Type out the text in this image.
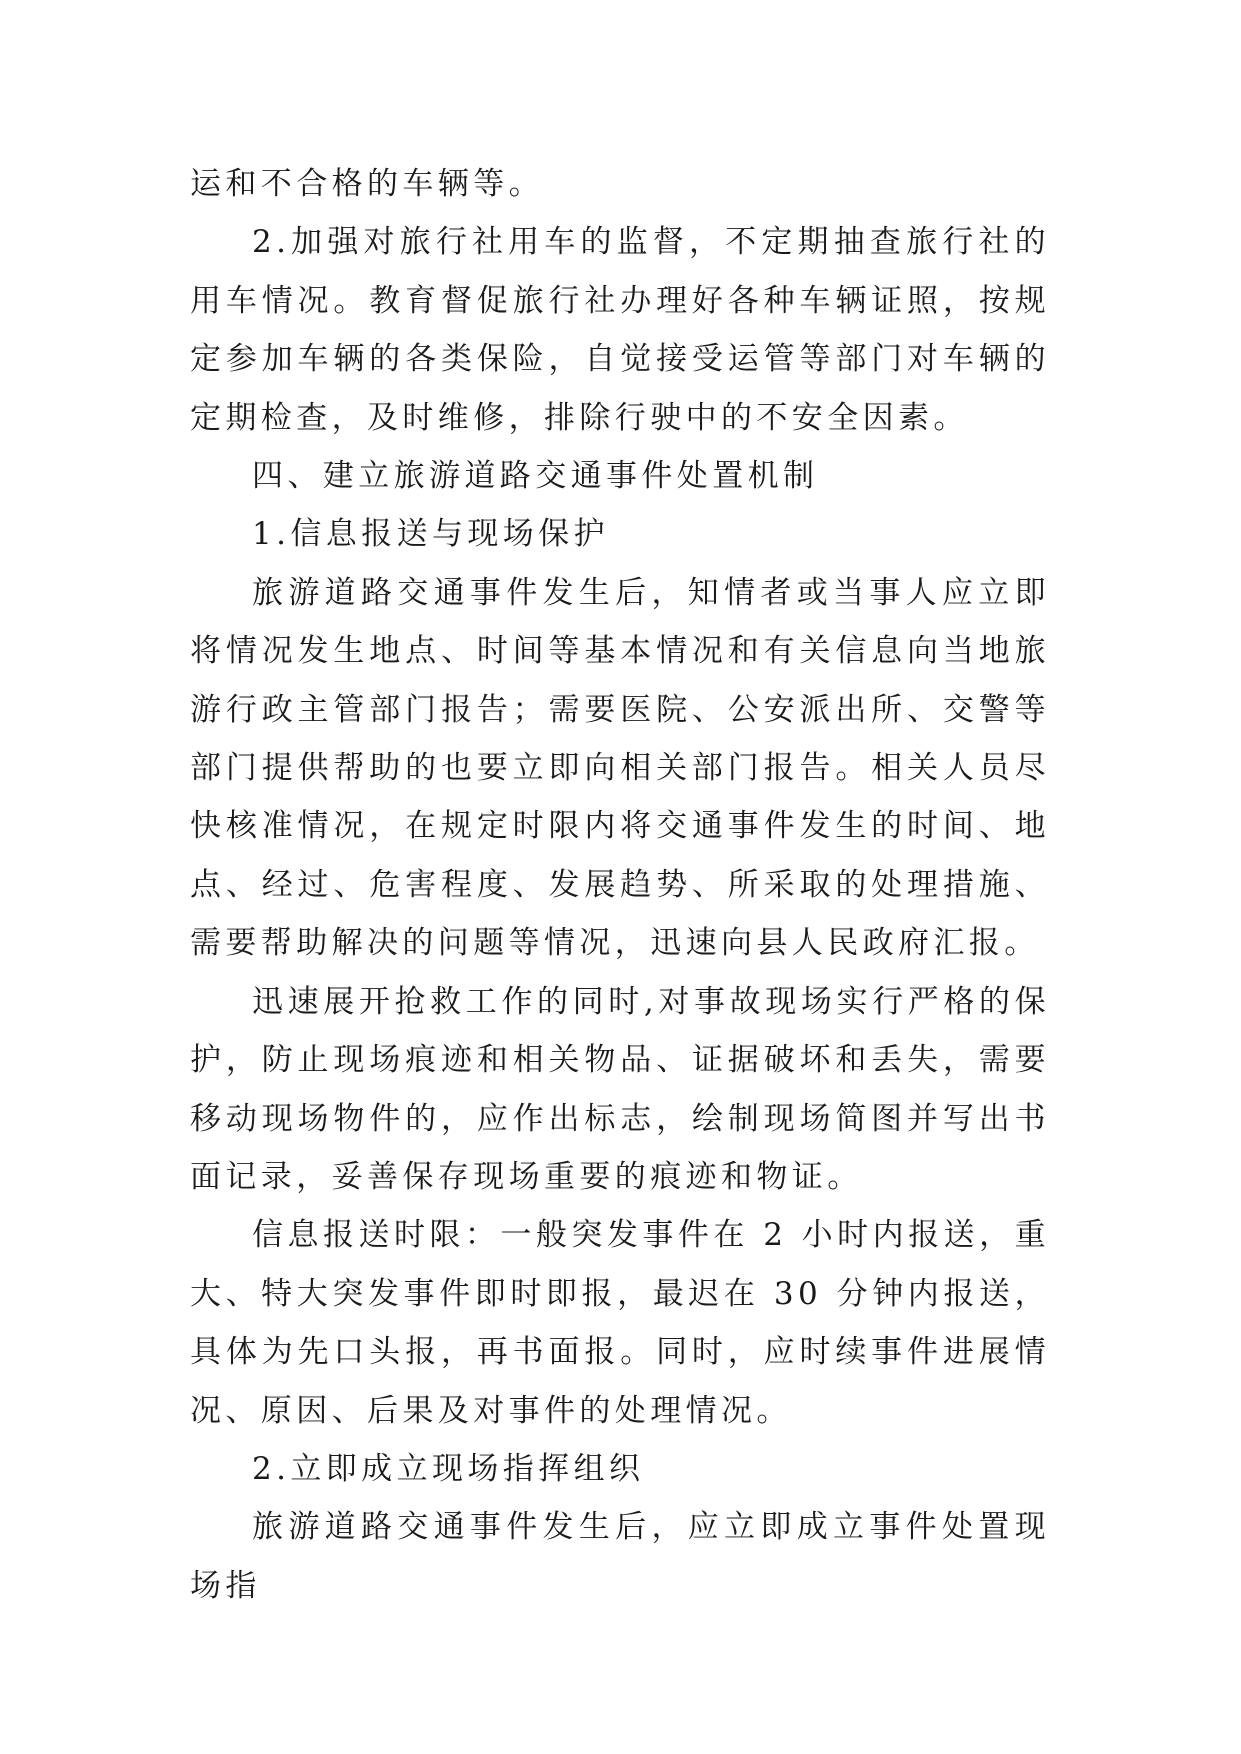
运和不合格的车辆等。

2.加强对旅行社用车的监督，不定期抽查旅行社的用车情况。教育督促旅行社办理好各种车辆证照，按规定参加车辆的各类保险，自觉接受运管等部门对车辆的定期检查，及时维修，排除行驶中的不安全因素。

四、建立旅游道路交通事件处置机制

1.信息报送与现场保护

旅游道路交通事件发生后，知情者或当事人应立即将情况发生地点、时间等基本情况和有关信息向当地旅游行政主管部门报告；需要医院、公安派出所、交警等部门提供帮助的也要立即向相关部门报告。相关人员尽快核准情况，在规定时限内将交通事件发生的时间、地点、经过、危害程度、发展趋势、所采取的处理措施、需要帮助解决的问题等情况，迅速向县人民政府汇报。

迅速展开抢救工作的同时,对事故现场实行严格的保护，防止现场痕迹和相关物品、证据破坏和丢失，需要移动现场物件的，应作出标志，绘制现场简图并写出书面记录，妥善保存现场重要的痕迹和物证。

信息报送时限：一般突发事件在 2 小时内报送，重大、特大突发事件即时即报，最迟在 30 分钟内报送，具体为先口头报，再书面报。同时，应时续事件进展情况、原因、后果及对事件的处理情况。

2.立即成立现场指挥组织

旅游道路交通事件发生后，应立即成立事件处置现场指
